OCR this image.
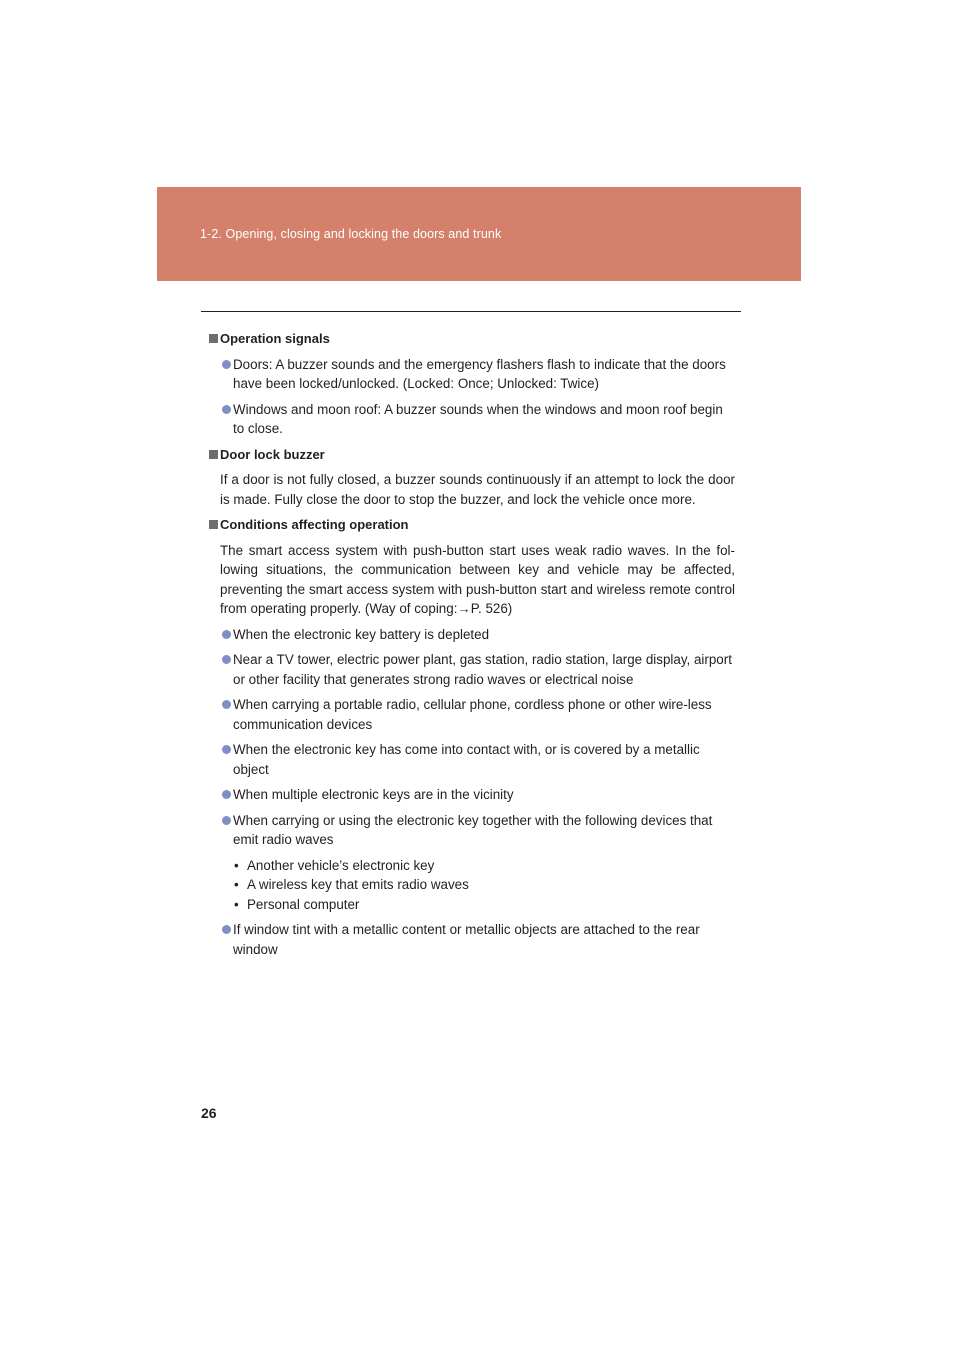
1-2. Opening, closing and locking the doors and trunk
Operation signals
Doors: A buzzer sounds and the emergency flashers flash to indicate that the doors have been locked/unlocked. (Locked: Once; Unlocked: Twice)
Windows and moon roof: A buzzer sounds when the windows and moon roof begin to close.
Door lock buzzer
If a door is not fully closed, a buzzer sounds continuously if an attempt to lock the door is made. Fully close the door to stop the buzzer, and lock the vehicle once more.
Conditions affecting operation
The smart access system with push-button start uses weak radio waves. In the fol-lowing situations, the communication between key and vehicle may be affected, preventing the smart access system with push-button start and wireless remote control from operating properly. (Way of coping:→P. 526)
When the electronic key battery is depleted
Near a TV tower, electric power plant, gas station, radio station, large display, airport or other facility that generates strong radio waves or electrical noise
When carrying a portable radio, cellular phone, cordless phone or other wire-less communication devices
When the electronic key has come into contact with, or is covered by a metallic object
When multiple electronic keys are in the vicinity
When carrying or using the electronic key together with the following devices that emit radio waves
• Another vehicle’s electronic key
• A wireless key that emits radio waves
• Personal computer
If window tint with a metallic content or metallic objects are attached to the rear window
26
